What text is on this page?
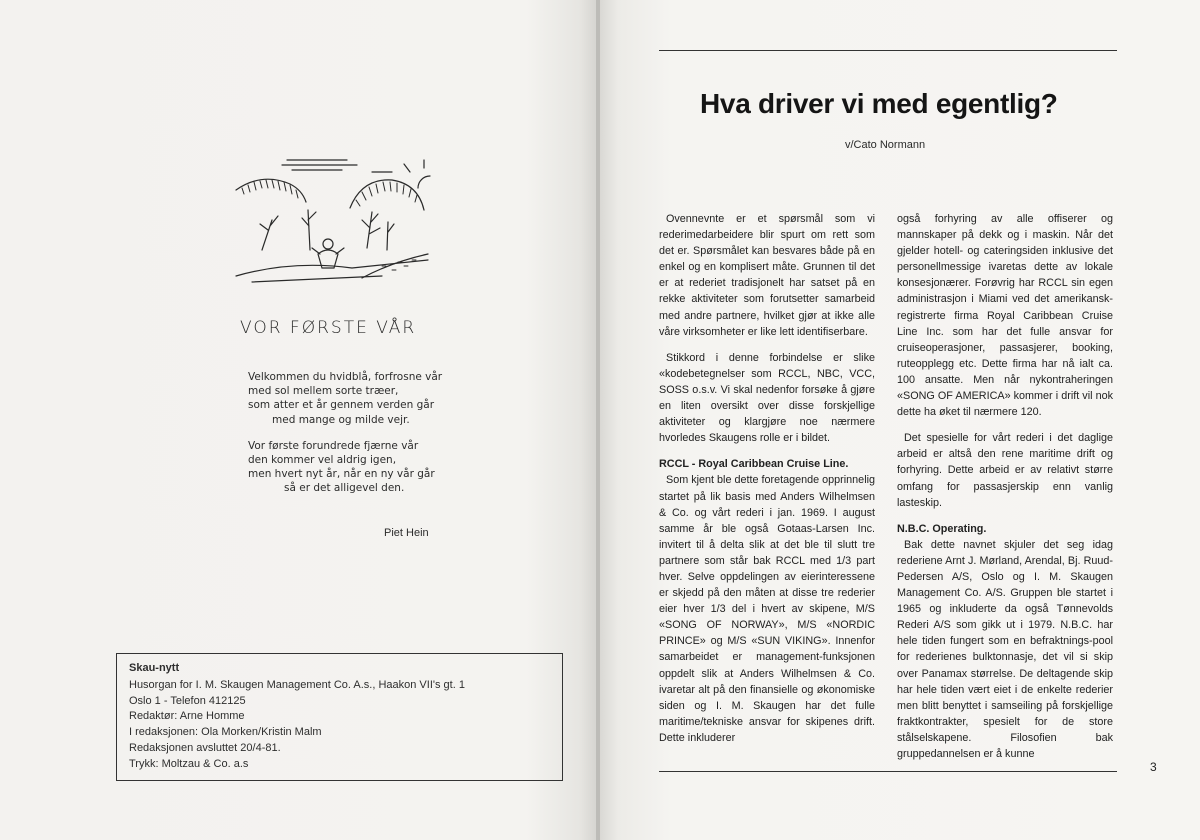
VOR FØRSTE VÅR
Velkommen du hvidblå, forfrosne vår
med sol mellem sorte træer,
som atter et år gennem verden går
med mange og milde vejr.
Vor første forundrede fjærne vår
den kommer vel aldrig igen,
men hvert nyt år, når en ny vår går
så er det alligevel den.
Piet Hein
Skau-nytt
Husorgan for I. M. Skaugen Management Co. A.s., Haakon VII's gt. 1
Oslo 1 - Telefon 412125
Redaktør: Arne Homme
I redaksjonen: Ola Morken/Kristin Malm
Redaksjonen avsluttet 20/4-81.
Trykk: Moltzau & Co. a.s
Hva driver vi med egentlig?
v/Cato Normann

Ovennevnte er et spørsmål som vi rederimedarbeidere blir spurt om rett som det er. Spørsmålet kan besvares både på en enkel og en komplisert måte. Grunnen til det er at rederiet tradisjonelt har satset på en rekke aktiviteter som forutsetter samarbeid med andre partnere, hvilket gjør at ikke alle våre virksomheter er like lett identifiserbare.

Stikkord i denne forbindelse er slike «kodebetegnelser som RCCL, NBC, VCC, SOSS o.s.v. Vi skal nedenfor forsøke å gjøre en liten oversikt over disse forskjellige aktiviteter og klargjøre noe nærmere hvorledes Skaugens rolle er i bildet.

RCCL - Royal Caribbean Cruise Line.

Som kjent ble dette foretagende opprinnelig startet på lik basis med Anders Wilhelmsen & Co. og vårt rederi i jan. 1969. I august samme år ble også Gotaas-Larsen Inc. invitert til å delta slik at det ble til slutt tre partnere som står bak RCCL med 1/3 part hver. Selve oppdelingen av eierinteressene er skjedd på den måten at disse tre rederier eier hver 1/3 del i hvert av skipene, M/S «SONG OF NORWAY», M/S «NORDIC PRINCE» og M/S «SUN VIKING». Innenfor samarbeidet er management-funksjonen oppdelt slik at Anders Wilhelmsen & Co. ivaretar alt på den finansielle og økonomiske siden og I. M. Skaugen har det fulle maritime/tekniske ansvar for skipenes drift. Dette inkluderer

også forhyring av alle offiserer og mannskaper på dekk og i maskin. Når det gjelder hotell- og cateringsiden inklusive det personellmessige ivaretas dette av lokale konsesjonærer. Forøvrig har RCCL sin egen administrasjon i Miami ved det amerikansk-registrerte firma Royal Caribbean Cruise Line Inc. som har det fulle ansvar for cruiseoperasjoner, passasjerer, booking, ruteopplegg etc. Dette firma har nå ialt ca. 100 ansatte. Men når nykontraheringen «SONG OF AMERICA» kommer i drift vil nok dette ha øket til nærmere 120.

Det spesielle for vårt rederi i det daglige arbeid er altså den rene maritime drift og forhyring. Dette arbeid er av relativt større omfang for passasjerskip enn vanlig lasteskip.

N.B.C. Operating.

Bak dette navnet skjuler det seg idag rederiene Arnt J. Mørland, Arendal, Bj. Ruud-Pedersen A/S, Oslo og I. M. Skaugen Management Co. A/S. Gruppen ble startet i 1965 og inkluderte da også Tønnevolds Rederi A/S som gikk ut i 1979. N.B.C. har hele tiden fungert som en befraktnings-pool for rederienes bulktonnasje, det vil si skip over Panamax størrelse. De deltagende skip har hele tiden vært eiet i de enkelte rederier men blitt benyttet i samseiling på forskjellige fraktkontrakter, spesielt for de store stålselskapene. Filosofien bak gruppedannelsen er å kunne

3
